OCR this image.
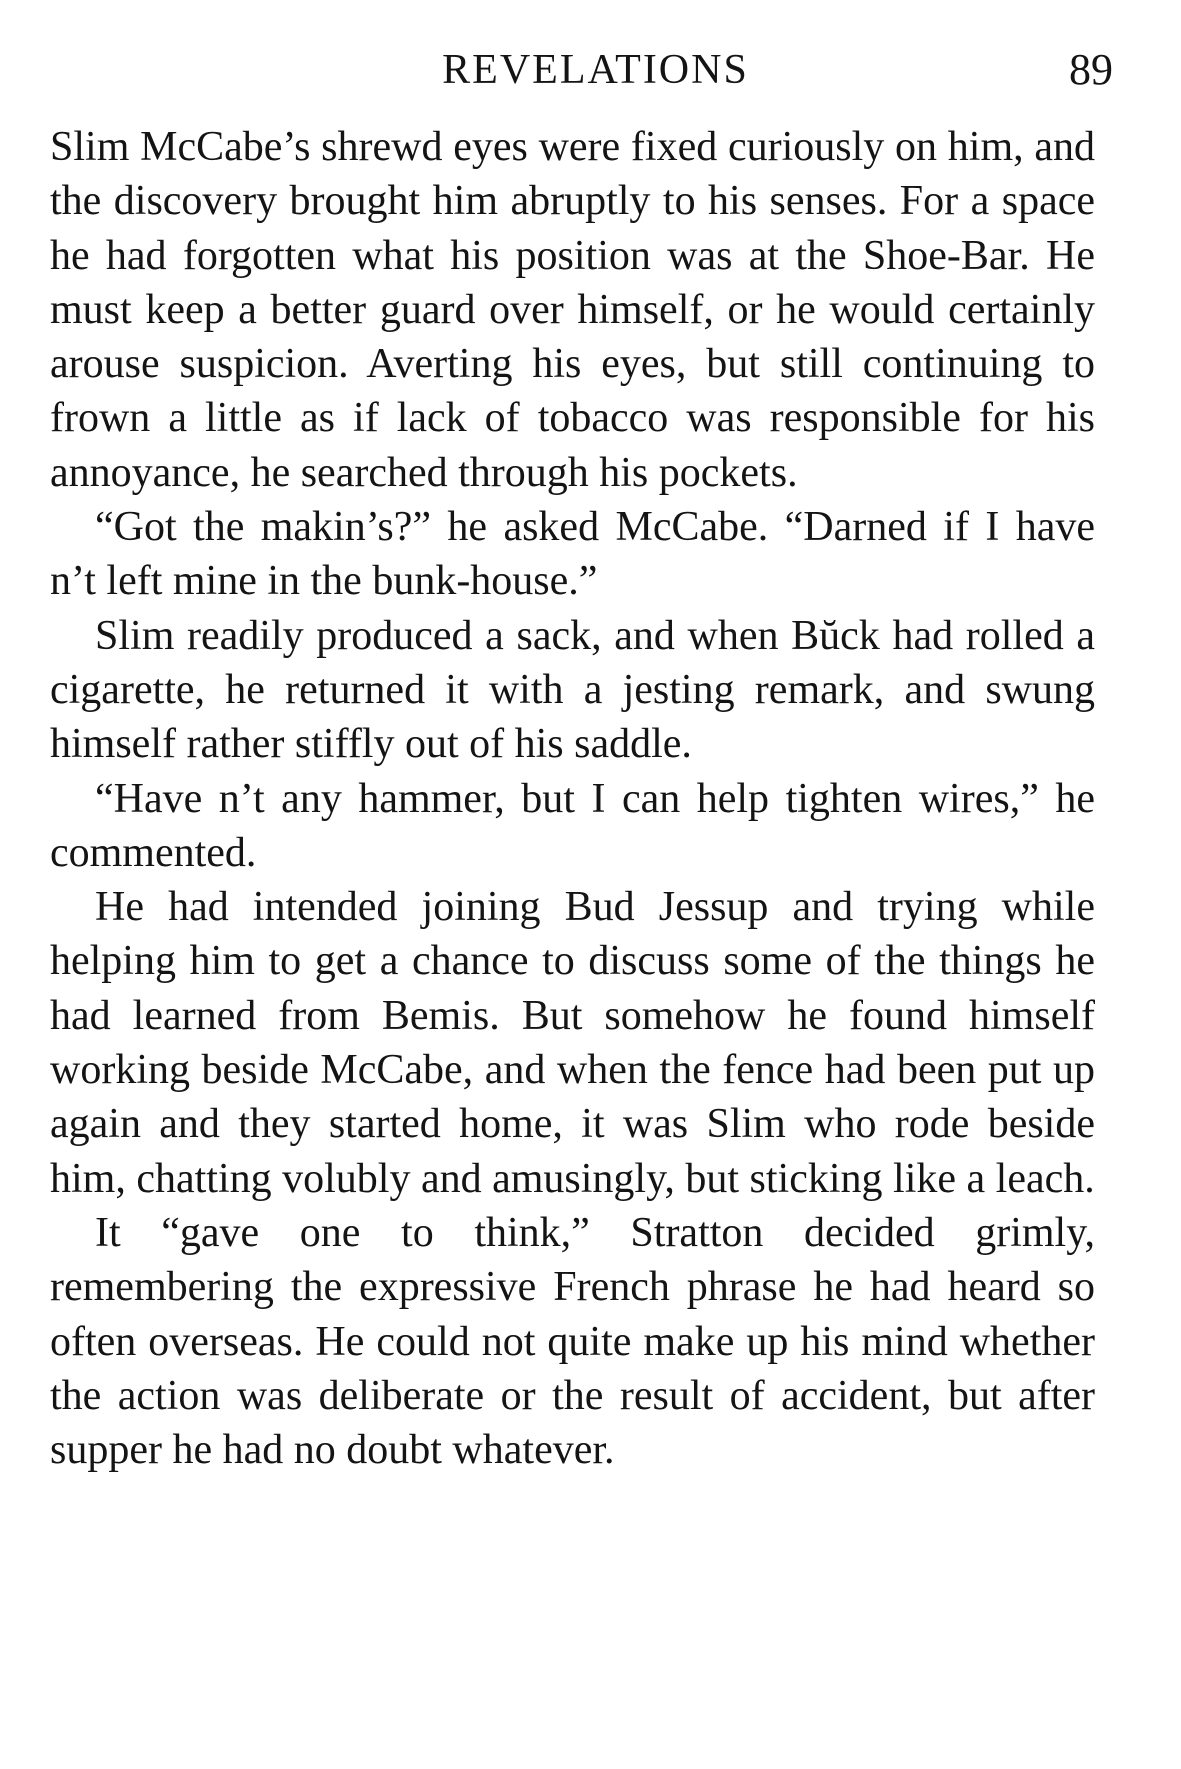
REVELATIONS	89

Slim McCabe’s shrewd eyes were fixed curiously on him, and the discovery brought him abruptly to his senses. For a space he had forgotten what his position was at the Shoe-Bar. He must keep a better guard over himself, or he would certainly arouse suspicion. Averting his eyes, but still continuing to frown a little as if lack of tobacco was responsible for his annoyance, he searched through his pockets.

“Got the makin’s?” he asked McCabe. “Darned if I have n’t left mine in the bunk-house.”

Slim readily produced a sack, and when Bŭck had rolled a cigarette, he returned it with a jesting remark, and swung himself rather stiffly out of his saddle.

“Have n’t any hammer, but I can help tighten wires,” he commented.

He had intended joining Bud Jessup and trying while helping him to get a chance to discuss some of the things he had learned from Bemis. But somehow he found himself working beside McCabe, and when the fence had been put up again and they started home, it was Slim who rode beside him, chatting volubly and amusingly, but sticking like a leach.

It “gave one to think,” Stratton decided grimly, remembering the expressive French phrase he had heard so often overseas. He could not quite make up his mind whether the action was deliberate or the result of accident, but after supper he had no doubt whatever.
